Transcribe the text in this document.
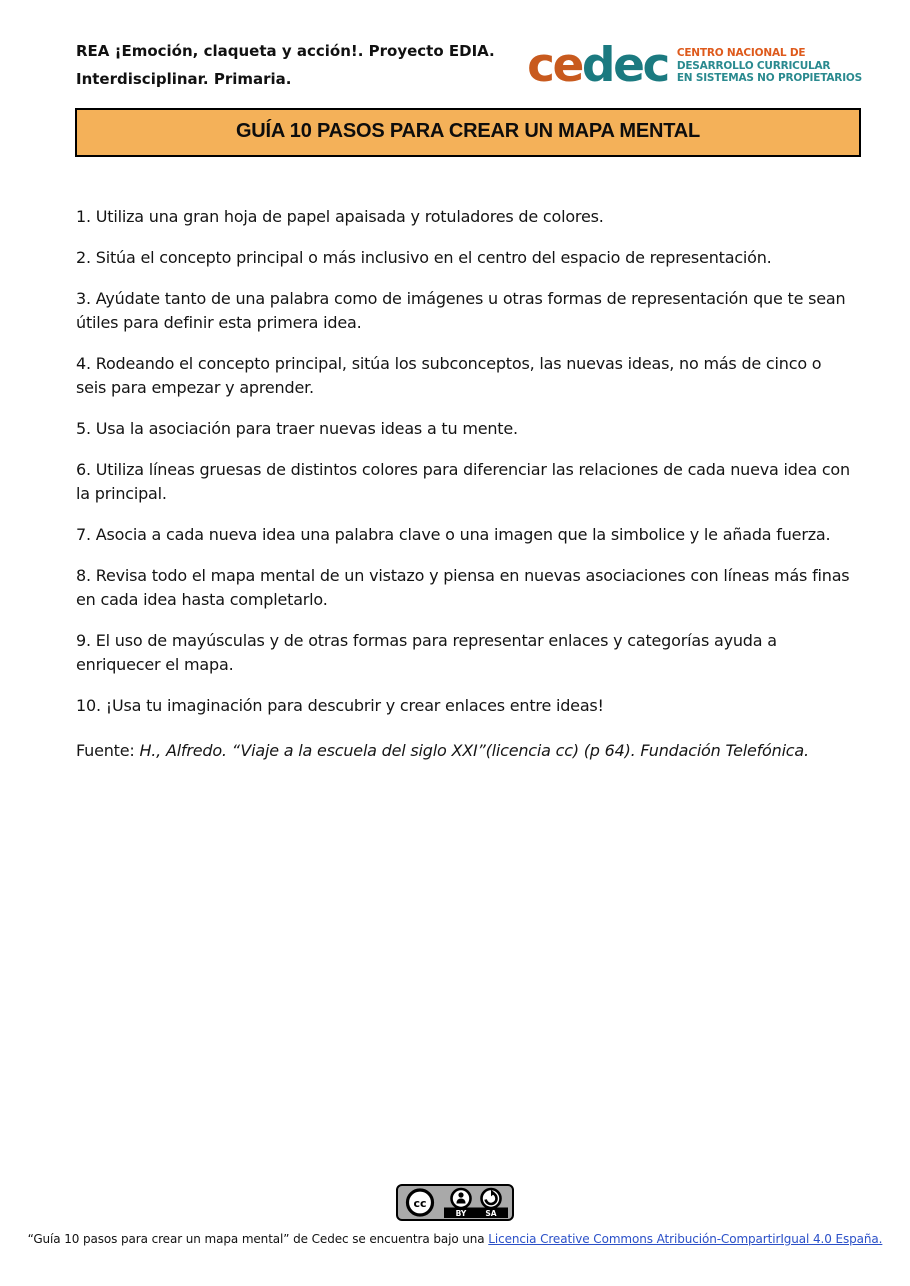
REA ¡Emoción, claqueta y acción!. Proyecto EDIA.
Interdisciplinar. Primaria.	cedec CENTRO NACIONAL DE
DESARROLLO CURRICULAR
EN SISTEMAS NO PROPIETARIOS
GUÍA 10 PASOS PARA CREAR UN MAPA MENTAL

1. Utiliza una gran hoja de papel apaisada y rotuladores de colores.

2. Sitúa el concepto principal o más inclusivo en el centro del espacio de representación.

3. Ayúdate tanto de una palabra como de imágenes u otras formas de representación que te sean útiles para definir esta primera idea.

4. Rodeando el concepto principal, sitúa los subconceptos, las nuevas ideas, no más de cinco o seis para empezar y aprender.

5. Usa la asociación para traer nuevas ideas a tu mente.

6. Utiliza líneas gruesas de distintos colores para diferenciar las relaciones de cada nueva idea con la principal.

7. Asocia a cada nueva idea una palabra clave o una imagen que la simbolice y le añada fuerza.

8. Revisa todo el mapa mental de un vistazo y piensa en nuevas asociaciones con líneas más finas en cada idea hasta completarlo.

9. El uso de mayúsculas y de otras formas para representar enlaces y categorías ayuda a enriquecer el mapa.

10. ¡Usa tu imaginación para descubrir y crear enlaces entre ideas!

Fuente: H., Alfredo. “Viaje a la escuela del siglo XXI”(licencia cc) (p 64). Fundación Telefónica.
cc
BY	SA
“Guía 10 pasos para crear un mapa mental” de Cedec se encuentra bajo una Licencia Creative Commons Atribución-CompartirIgual 4.0 España.
